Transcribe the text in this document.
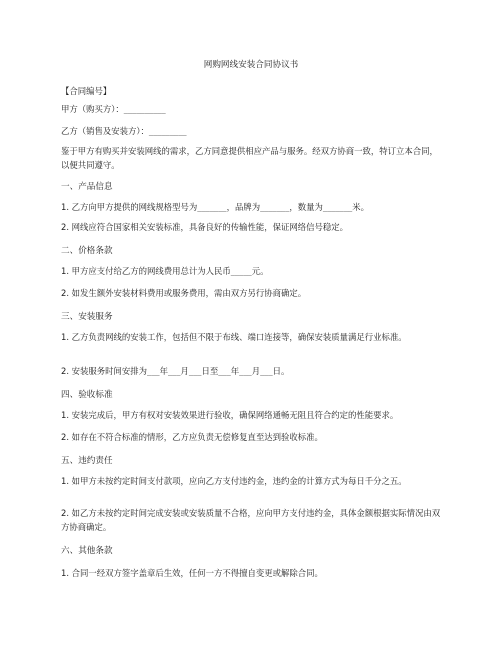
网购网线安装合同协议书
【合同编号】
甲方（购买方）：__________
乙方（销售及安装方）：_________
鉴于甲方有购买并安装网线的需求，乙方同意提供相应产品与服务。经双方协商一致，特订立本合同，以便共同遵守。
一、产品信息
1. 乙方向甲方提供的网线规格型号为_______，品牌为_______，数量为_______米。
2. 网线应符合国家相关安装标准，具备良好的传输性能，保证网络信号稳定。
二、价格条款
1. 甲方应支付给乙方的网线费用总计为人民币_____元。
2. 如发生额外安装材料费用或服务费用，需由双方另行协商确定。
三、安装服务
1. 乙方负责网线的安装工作，包括但不限于布线、端口连接等，确保安装质量满足行业标准。
2. 安装服务时间安排为___年___月___日至___年___月___日。
四、验收标准
1. 安装完成后，甲方有权对安装效果进行验收，确保网络通畅无阻且符合约定的性能要求。
2. 如存在不符合标准的情形，乙方应负责无偿修复直至达到验收标准。
五、违约责任
1. 如甲方未按约定时间支付款项，应向乙方支付违约金，违约金的计算方式为每日千分之五。
2. 如乙方未按约定时间完成安装或安装质量不合格，应向甲方支付违约金，具体金额根据实际情况由双方协商确定。
六、其他条款
1. 合同一经双方签字盖章后生效，任何一方不得擅自变更或解除合同。
